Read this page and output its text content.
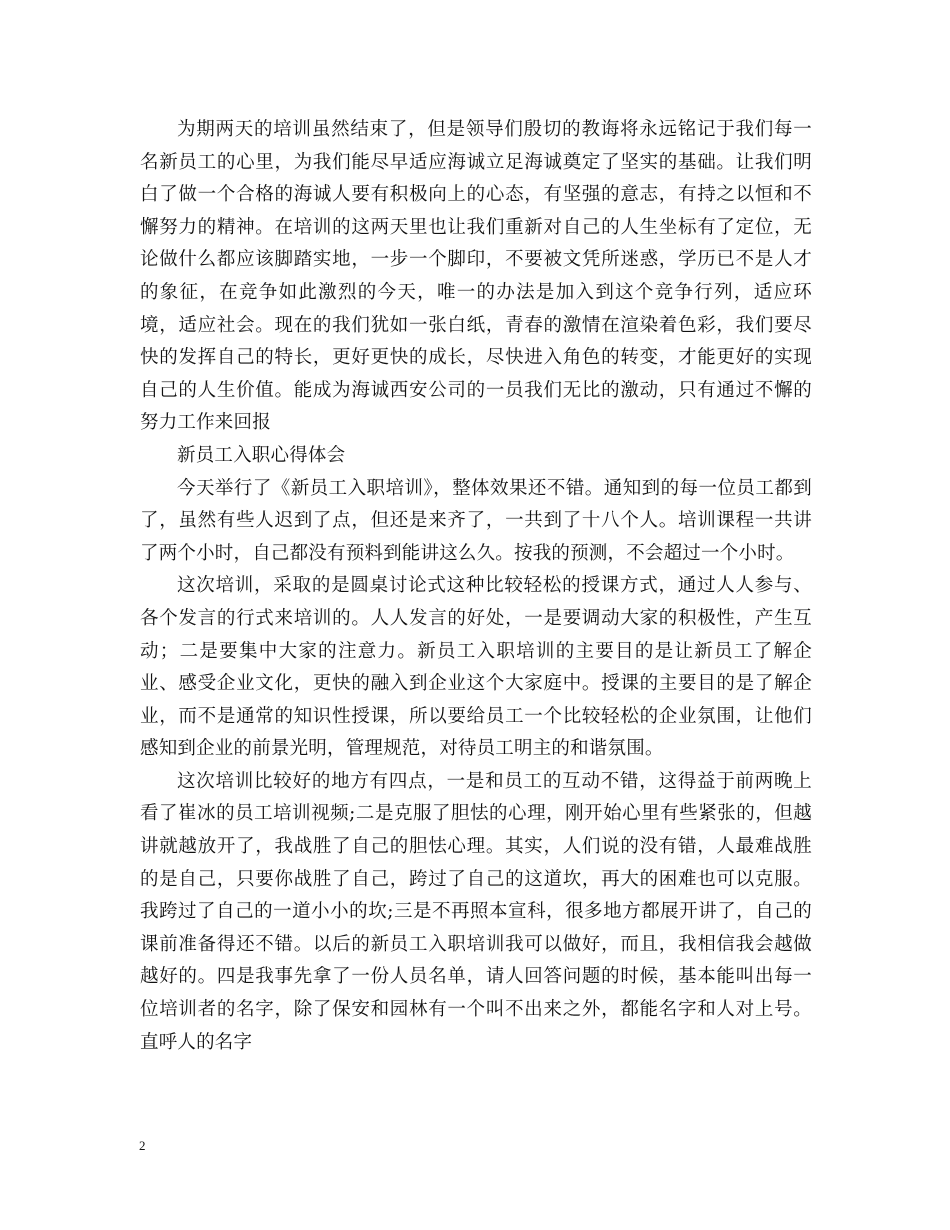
为期两天的培训虽然结束了，但是领导们殷切的教诲将永远铭记于我们每一名新员工的心里，为我们能尽早适应海诚立足海诚奠定了坚实的基础。让我们明白了做一个合格的海诚人要有积极向上的心态，有坚强的意志，有持之以恒和不懈努力的精神。在培训的这两天里也让我们重新对自己的人生坐标有了定位，无论做什么都应该脚踏实地，一步一个脚印，不要被文凭所迷惑，学历已不是人才的象征，在竞争如此激烈的今天，唯一的办法是加入到这个竞争行列，适应环境，适应社会。现在的我们犹如一张白纸，青春的激情在渲染着色彩，我们要尽快的发挥自己的特长，更好更快的成长，尽快进入角色的转变，才能更好的实现自己的人生价值。能成为海诚西安公司的一员我们无比的激动，只有通过不懈的努力工作来回报

新员工入职心得体会

今天举行了《新员工入职培训》，整体效果还不错。通知到的每一位员工都到了，虽然有些人迟到了点，但还是来齐了，一共到了十八个人。培训课程一共讲了两个小时，自己都没有预料到能讲这么久。按我的预测，不会超过一个小时。

这次培训，采取的是圆桌讨论式这种比较轻松的授课方式，通过人人参与、各个发言的行式来培训的。人人发言的好处，一是要调动大家的积极性，产生互动；二是要集中大家的注意力。新员工入职培训的主要目的是让新员工了解企业、感受企业文化，更快的融入到企业这个大家庭中。授课的主要目的是了解企业，而不是通常的知识性授课，所以要给员工一个比较轻松的企业氛围，让他们感知到企业的前景光明，管理规范，对待员工明主的和谐氛围。

这次培训比较好的地方有四点，一是和员工的互动不错，这得益于前两晚上看了崔冰的员工培训视频;二是克服了胆怯的心理，刚开始心里有些紧张的，但越讲就越放开了，我战胜了自己的胆怯心理。其实，人们说的没有错，人最难战胜的是自己，只要你战胜了自己，跨过了自己的这道坎，再大的困难也可以克服。我跨过了自己的一道小小的坎;三是不再照本宣科，很多地方都展开讲了，自己的课前准备得还不错。以后的新员工入职培训我可以做好，而且，我相信我会越做越好的。四是我事先拿了一份人员名单，请人回答问题的时候，基本能叫出每一位培训者的名字，除了保安和园林有一个叫不出来之外，都能名字和人对上号。直呼人的名字

2
